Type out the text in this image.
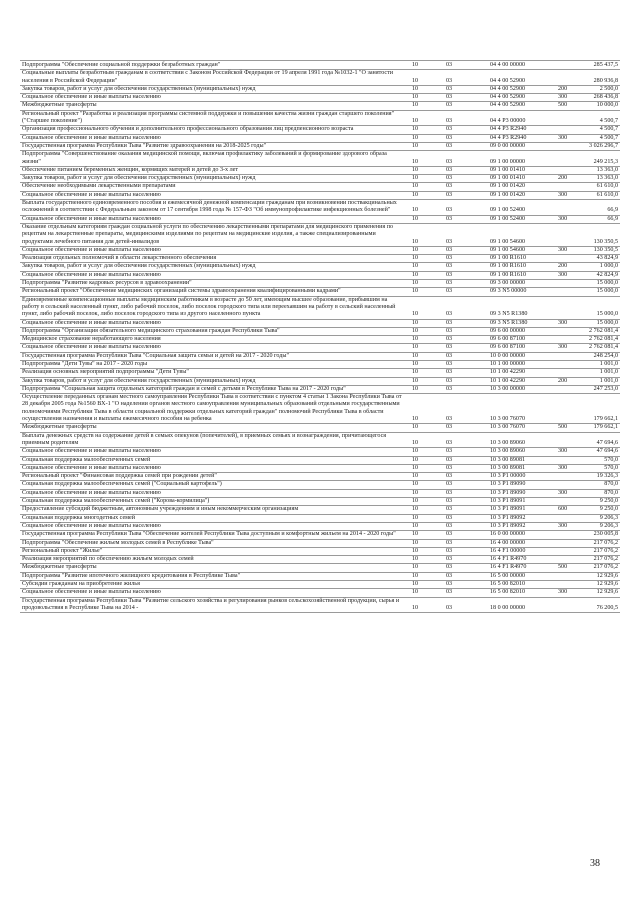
Подпрограмма "Обеспечение социальной поддержки безработных граждан"	10	03	04 4 00 00000	285 437,5
Социальные выплаты безработным гражданам в соответствии с Законом Российской Федерации от 19 апреля 1991 года №1032-1 "О занятости населения в Российской Федерации"	10	03	04 4 00 52900	280 936,8
Закупка товаров, работ и услуг для обеспечения государственных (муниципальных) нужд	10	03	04 4 00 52900	200	2 500,0
Социальное обеспечение и иные выплаты населению	10	03	04 4 00 52900	300	268 436,8
Межбюджетные трансферты	10	03	04 4 00 52900	500	10 000,0
Региональный проект "Разработка и реализация программы системной поддержки и повышения качества жизни граждан старшего поколения" ("Старшее поколение")	10	03	04 4 P3 00000	4 500,7
Организация профессионального обучения и дополнительного профессионального образования лиц предпенсионного возраста	10	03	04 4 P3 R2940	4 500,7
Социальное обеспечение и иные выплаты населению	10	03	04 4 P3 R2940	300	4 500,7
Государственная программа Республики Тыва "Развитие здравоохранения на 2018-2025 годы"	10	03	09 0 00 00000	3 026 296,7
Подпрограмма "Совершенствование оказания медицинской помощи, включая профилактику заболеваний и формирование здорового образа жизни"	10	03	09 1 00 00000	249 215,3
Обеспечение питанием беременных женщин, кормящих матерей и детей до 3-х лет	10	03	09 1 00 01410	13 363,0
Закупка товаров, работ и услуг для обеспечения государственных (муниципальных) нужд	10	03	09 1 00 01410	200	13 363,0
Обеспечение необходимыми лекарственными препаратами	10	03	09 1 00 01420	61 610,0
Социальное обеспечение и иные выплаты населению	10	03	09 1 00 01420	300	61 610,0
Выплата государственного единовременного пособия и ежемесячной денежной компенсации гражданам при возникновении поствакцинальных осложнений в соответствии с Федеральным законом от 17 сентября 1998 года № 157-ФЗ "Об иммунопрофилактике инфекционных болезней"	10	03	09 1 00 52400	66,9
Социальное обеспечение и иные выплаты населению	10	03	09 1 00 52400	300	66,9
Оказание отдельным категориям граждан социальной услуги по обеспечению лекарственными препаратами для медицинского применения по рецептам на лекарственные препараты, медицинскими изделиями по рецептам на медицинские изделия, а также специализированными продуктами лечебного питания для детей-инвалидов	10	03	09 1 00 54600	130 350,5
Социальное обеспечение и иные выплаты населению	10	03	09 1 00 54600	300	130 350,5
Реализация отдельных полномочий в области лекарственного обеспечения	10	03	09 1 00 R1610	43 824,9
Закупка товаров, работ и услуг для обеспечения государственных (муниципальных) нужд	10	03	09 1 00 R1610	200	1 000,0
Социальное обеспечение и иные выплаты населению	10	03	09 1 00 R1610	300	42 824,9
Подпрограмма "Развитие кадровых ресурсов в здравоохранении"	10	03	09 3 00 00000	15 000,0
Региональный проект "Обеспечение медицинских организаций системы здравоохранения квалифицированными кадрами"	10	03	09 3 N5 00000	15 000,0
Единовременные компенсационные выплаты медицинским работникам в возрасте до 50 лет, имеющим высшее образование, прибывшим на работу в сельский населенный пункт, либо рабочий поселок, либо поселок городского типа или переехавшим на работу в сельский населенный пункт, либо рабочий поселок, либо поселок городского типа из другого населенного пункта	10	03	09 3 N5 R1380	15 000,0
Социальное обеспечение и иные выплаты населению	10	03	09 3 N5 R1380	300	15 000,0
Подпрограмма "Организация обязательного медицинского страхования граждан Республики Тыва"	10	03	09 6 00 00000	2 762 081,4
Медицинское страхование неработающего населения	10	03	09 6 00 87100	2 762 081,4
Социальное обеспечение и иные выплаты населению	10	03	09 6 00 87100	300	2 762 081,4
Государственная программа Республики Тыва "Социальная защита семьи и детей на 2017 - 2020 годы"	10	03	10 0 00 00000	248 254,0
Подпрограмма "Дети Тувы" на 2017 - 2020 годы	10	03	10 1 00 00000	1 001,0
Реализация основных мероприятий подпрограммы "Дети Тувы"	10	03	10 1 00 42290	1 001,0
Закупка товаров, работ и услуг для обеспечения государственных (муниципальных) нужд	10	03	10 1 00 42290	200	1 001,0
Подпрограмма "Социальная защита отдельных категорий граждан и семей с детьми в Республике Тыва на 2017 - 2020 годы"	10	03	10 3 00 00000	247 253,0
Осуществление переданных органам местного самоуправления Республики Тыва в соответствии с пунктом 4 статьи 1 Закона Республики Тыва от 28 декабря 2005 года №1560 ВХ-1 "О наделении органов местного самоуправления муниципальных образований отдельными государственными полномочиями Республики Тыва в области социальной поддержки отдельных категорий граждан" полномочий Республики Тыва в области осуществления назначения и выплаты ежемесячного пособия на ребенка	10	03	10 3 00 76070	179 662,1
Межбюджетные трансферты	10	03	10 3 00 76070	500	179 662,1
Выплата денежных средств на содержание детей в семьях опекунов (попечителей), в приемных семьях и вознаграждения, причитающегося приемным родителям	10	03	10 3 00 89060	47 694,6
Социальное обеспечение и иные выплаты населению	10	03	10 3 00 89060	300	47 694,6
Социальная поддержка малообеспеченных семей	10	03	10 3 00 89081	570,0
Социальное обеспечение и иные выплаты населению	10	03	10 3 00 89081	300	570,0
Региональный проект "Финансовая поддержка семей при рождении детей"	10	03	10 3 P1 00000	19 326,3
Социальная поддержка малообеспеченных семей ("Социальный картофель")	10	03	10 3 P1 89090	870,0
Социальное обеспечение и иные выплаты населению	10	03	10 3 P1 89090	300	870,0
Социальная поддержка малообеспеченных семей ("Корова-кормилица")	10	03	10 3 P1 89091	9 250,0
Предоставление субсидий бюджетным, автономным учреждениям и иным некоммерческим организациям	10	03	10 3 P1 89091	600	9 250,0
Социальная поддержка многодетных семей	10	03	10 3 P1 89092	9 206,3
Социальное обеспечение и иные выплаты населению	10	03	10 3 P1 89092	300	9 206,3
Государственная программа Республики Тыва "Обеспечение жителей Республики Тыва доступным и комфортным жильем на 2014 - 2020 годы"	10	03	16 0 00 00000	230 005,8
Подпрограмма "Обеспечение жильем молодых семей в Республике Тыва"	10	03	16 4 00 00000	217 076,2
Региональный проект "Жилье"	10	03	16 4 F1 00000	217 076,2
Реализация мероприятий по обеспечению жильем молодых семей	10	03	16 4 F1 R4970	217 076,2
Межбюджетные трансферты	10	03	16 4 F1 R4970	500	217 076,2
Подпрограмма "Развитие ипотечного жилищного кредитования в Республике Тыва"	10	03	16 5 00 00000	12 929,6
Субсидии гражданам на приобретение жилья	10	03	16 5 00 82010	12 929,6
Социальное обеспечение и иные выплаты населению	10	03	16 5 00 82010	300	12 929,6
Государственная программа Республики Тыва "Развитие сельского хозяйства и регулирования рынков сельскохозяйственной продукции, сырья и продовольствия в Республике Тыва на 2014 -	10	03	18 0 00 00000	76 200,5
38
